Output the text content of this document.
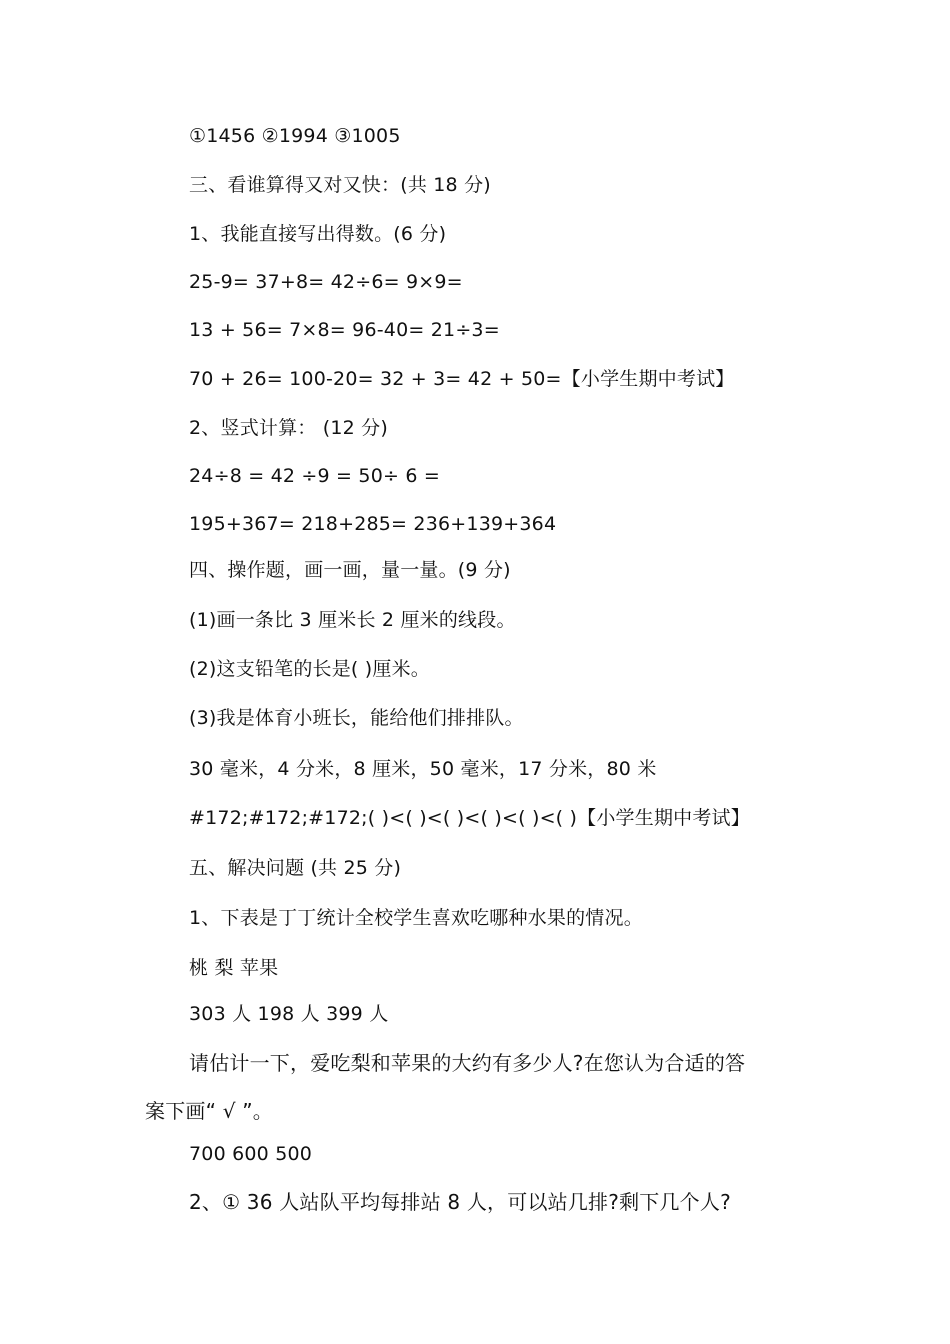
①1456 ②1994 ③1005
三、看谁算得又对又快：(共 18 分)
1、我能直接写出得数。(6 分)
25-9= 37+8= 42÷6= 9×9=
13 + 56= 7×8= 96-40= 21÷3=
70 + 26= 100-20= 32 + 3= 42 + 50=【小学生期中考试】
2、竖式计算： (12 分)
24÷8 = 42 ÷9 = 50÷ 6 =
195+367= 218+285= 236+139+364
四、操作题，画一画，量一量。(9 分)
(1)画一条比 3 厘米长 2 厘米的线段。
(2)这支铅笔的长是( )厘米。
(3)我是体育小班长，能给他们排排队。
30 毫米，4 分米，8 厘米，50 毫米，17 分米，80 米
#172;#172;#172;( )<( )<( )<( )<( )<( )【小学生期中考试】
五、解决问题 (共 25 分)
1、下表是丁丁统计全校学生喜欢吃哪种水果的情况。
桃 梨 苹果
303 人 198 人 399 人
请估计一下，爱吃梨和苹果的大约有多少人?在您认为合适的答
案下画“ √ ”。
700 600 500
2、① 36 人站队平均每排站 8 人，可以站几排?剩下几个人?
